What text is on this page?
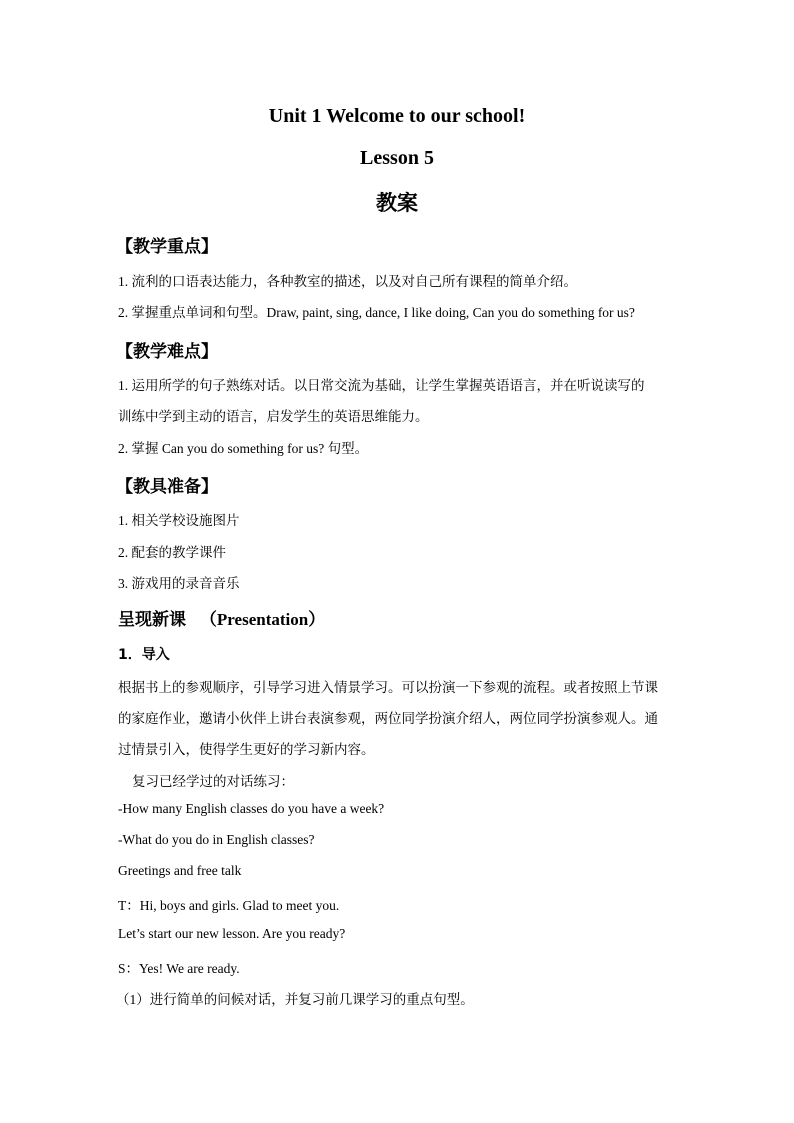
Unit 1 Welcome to our school!
Lesson 5
教案
【教学重点】
1. 流利的口语表达能力，各种教室的描述，以及对自己所有课程的简单介绍。
2. 掌握重点单词和句型。Draw, paint, sing, dance, I like doing, Can you do something for us?
【教学难点】
1. 运用所学的句子熟练对话。以日常交流为基础，让学生掌握英语语言，并在听说读写的
训练中学到主动的语言，启发学生的英语思维能力。
2. 掌握 Can you do something for us? 句型。
【教具准备】
1. 相关学校设施图片
2. 配套的教学课件
3. 游戏用的录音音乐
呈现新课 （Presentation）
1．导入
根据书上的参观顺序，引导学习进入情景学习。可以扮演一下参观的流程。或者按照上节课
的家庭作业，邀请小伙伴上讲台表演参观，两位同学扮演介绍人，两位同学扮演参观人。通
过情景引入，使得学生更好的学习新内容。
复习已经学过的对话练习：
-How many English classes do you have a week?
-What do you do in English classes?
Greetings and free talk
T：Hi, boys and girls. Glad to meet you.
Let’s start our new lesson. Are you ready?
S：Yes! We are ready.
（1）进行简单的问候对话，并复习前几课学习的重点句型。
